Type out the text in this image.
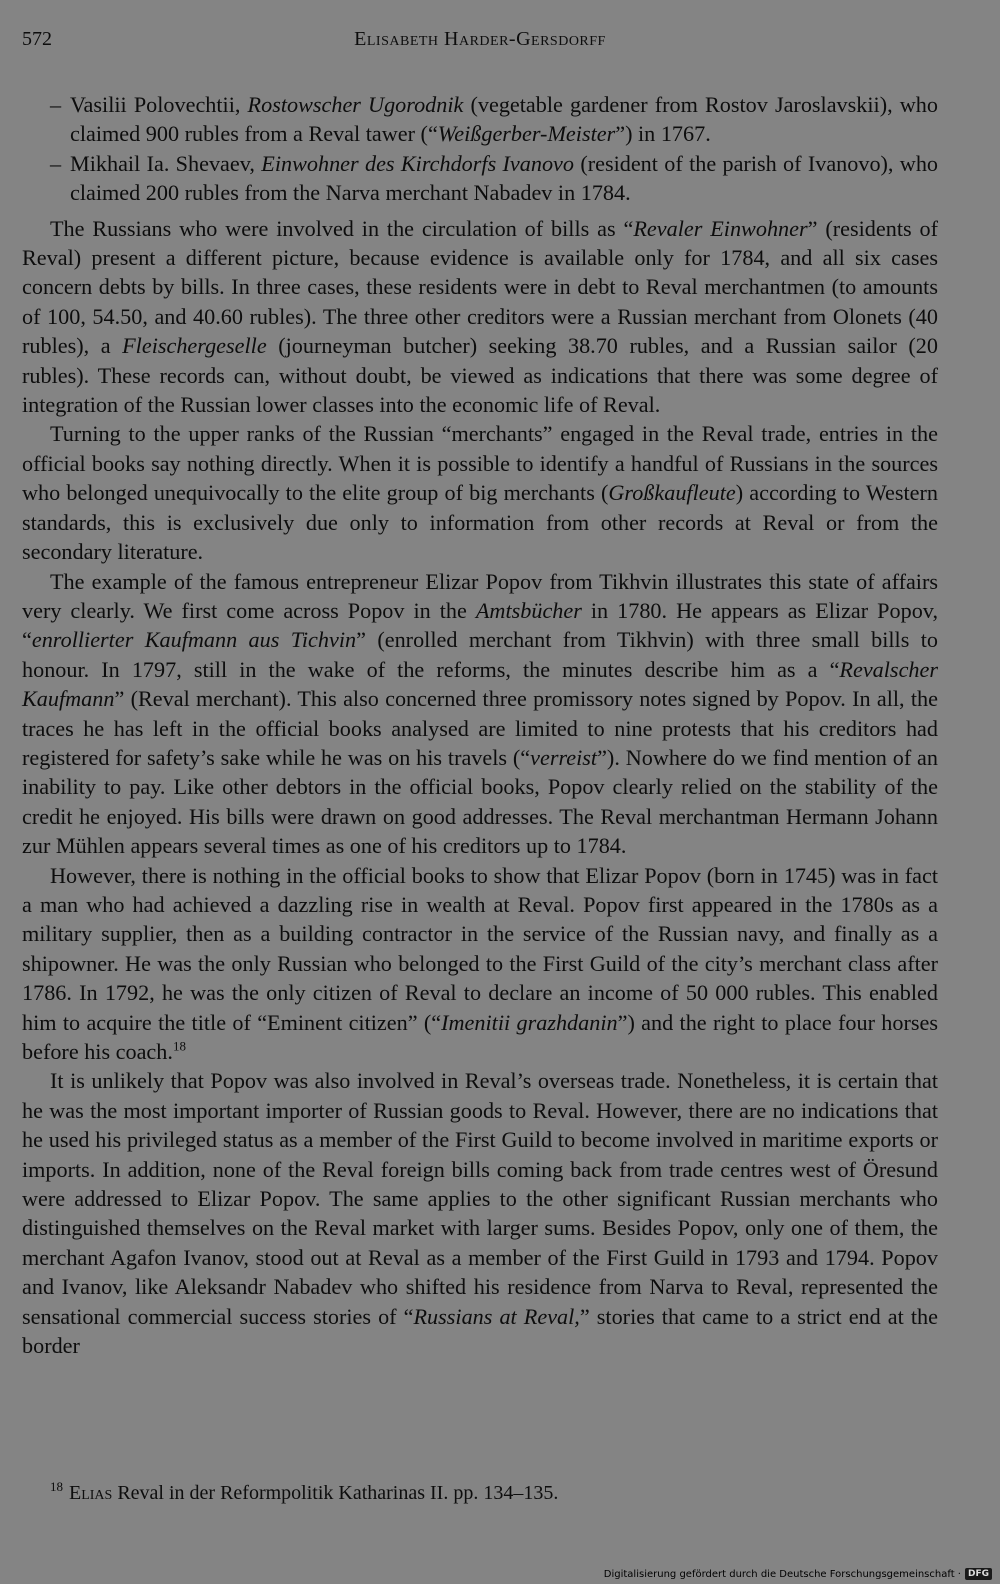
572	Elisabeth Harder-Gersdorff
– Vasilii Polovechtii, Rostowscher Ugorodnik (vegetable gardener from Rostov Jaroslavskii), who claimed 900 rubles from a Reval tawer (“Weißgerber-Meister”) in 1767.
– Mikhail Ia. Shevaev, Einwohner des Kirchdorfs Ivanovo (resident of the parish of Ivanovo), who claimed 200 rubles from the Narva merchant Nabadev in 1784.

The Russians who were involved in the circulation of bills as “Revaler Einwohner” (residents of Reval) present a different picture, because evidence is available only for 1784, and all six cases concern debts by bills. In three cases, these residents were in debt to Reval merchantmen (to amounts of 100, 54.50, and 40.60 rubles). The three other creditors were a Russian merchant from Olonets (40 rubles), a Fleischergeselle (journeyman butcher) seeking 38.70 rubles, and a Russian sailor (20 rubles). These records can, without doubt, be viewed as indications that there was some degree of integration of the Russian lower classes into the economic life of Reval.

Turning to the upper ranks of the Russian “merchants” engaged in the Reval trade, entries in the official books say nothing directly. When it is possible to identify a handful of Russians in the sources who belonged unequivocally to the elite group of big merchants (Großkaufleute) according to Western standards, this is exclusively due only to information from other records at Reval or from the secondary literature.

The example of the famous entrepreneur Elizar Popov from Tikhvin illustrates this state of affairs very clearly. We first come across Popov in the Amtsbücher in 1780. He appears as Elizar Popov, “enrollierter Kaufmann aus Tichvin” (enrolled merchant from Tikhvin) with three small bills to honour. In 1797, still in the wake of the reforms, the minutes describe him as a “Revalscher Kaufmann” (Reval merchant). This also concerned three promissory notes signed by Popov. In all, the traces he has left in the official books analysed are limited to nine protests that his creditors had registered for safety’s sake while he was on his travels (“verreist”). Nowhere do we find mention of an inability to pay. Like other debtors in the official books, Popov clearly relied on the stability of the credit he enjoyed. His bills were drawn on good addresses. The Reval merchantman Hermann Johann zur Mühlen appears several times as one of his creditors up to 1784.

However, there is nothing in the official books to show that Elizar Popov (born in 1745) was in fact a man who had achieved a dazzling rise in wealth at Reval. Popov first appeared in the 1780s as a military supplier, then as a building contractor in the service of the Russian navy, and finally as a shipowner. He was the only Russian who belonged to the First Guild of the city’s merchant class after 1786. In 1792, he was the only citizen of Reval to declare an income of 50 000 rubles. This enabled him to acquire the title of “Eminent citizen” (“Imenitii grazhdanin”) and the right to place four horses before his coach.$^{18}$

It is unlikely that Popov was also involved in Reval’s overseas trade. Nonetheless, it is certain that he was the most important importer of Russian goods to Reval. However, there are no indications that he used his privileged status as a member of the First Guild to become involved in maritime exports or imports. In addition, none of the Reval foreign bills coming back from trade centres west of Öresund were addressed to Elizar Popov. The same applies to the other significant Russian merchants who distinguished themselves on the Reval market with larger sums. Besides Popov, only one of them, the merchant Agafon Ivanov, stood out at Reval as a member of the First Guild in 1793 and 1794. Popov and Ivanov, like Aleksandr Nabadev who shifted his residence from Narva to Reval, represented the sensational commercial success stories of “Russians at Reval,” stories that came to a strict end at the border

$^{18}$ Elias Reval in der Reformpolitik Katharinas II. pp. 134–135.
Digitalisierung gefördert durch die Deutsche Forschungsgemeinschaft · DFG
